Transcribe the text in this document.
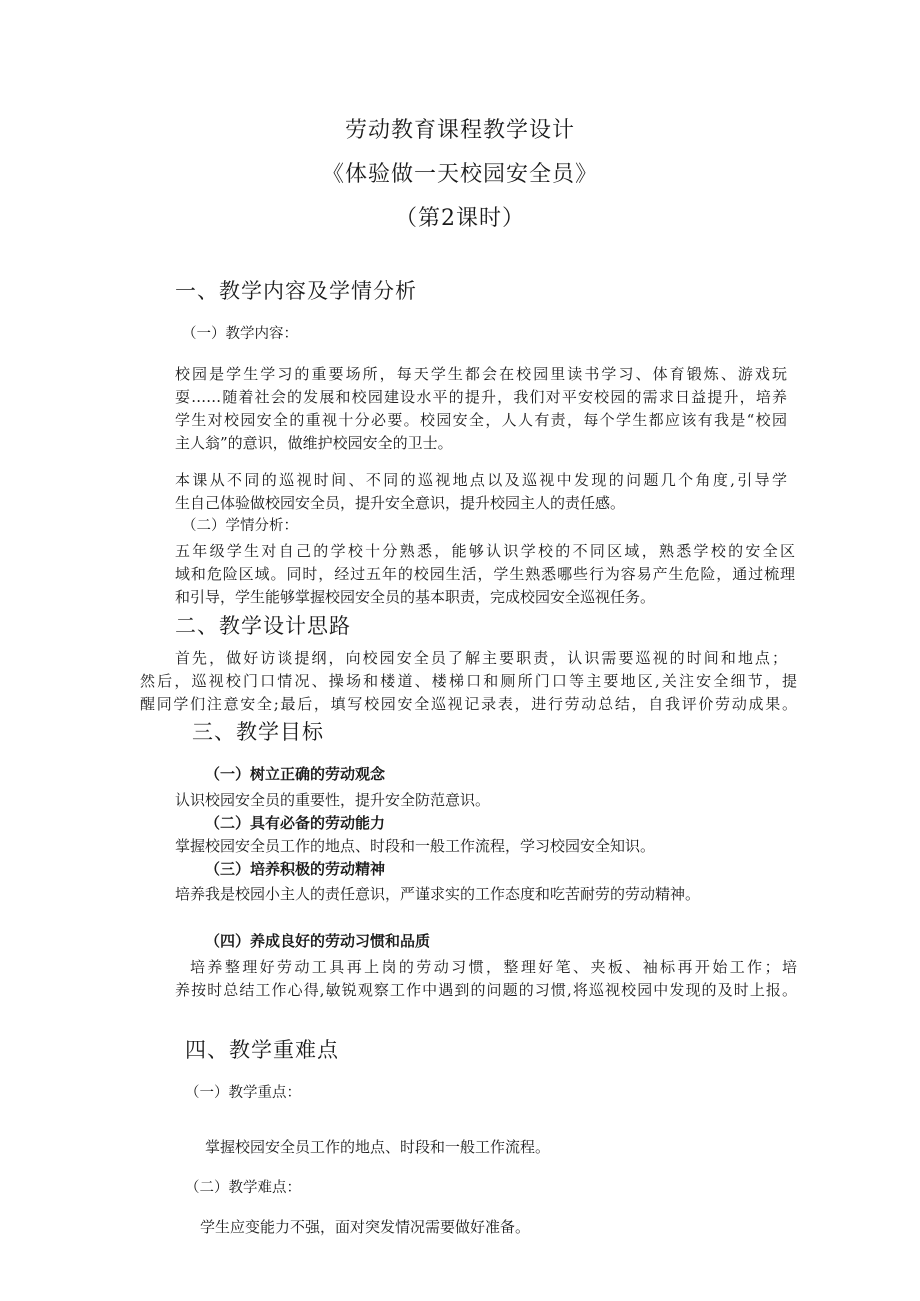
劳动教育课程教学设计
《体验做一天校园安全员》
（第2课时）
一、教学内容及学情分析
（一）教学内容：
校园是学生学习的重要场所，每天学生都会在校园里读书学习、体育锻炼、游戏玩
耍……随着社会的发展和校园建设水平的提升，我们对平安校园的需求日益提升，培养
学生对校园安全的重视十分必要。校园安全，人人有责，每个学生都应该有我是“校园
主人翁”的意识，做维护校园安全的卫士。
本课从不同的巡视时间、不同的巡视地点以及巡视中发现的问题几个角度,引导学
生自己体验做校园安全员，提升安全意识，提升校园主人的责任感。
（二）学情分析：
五年级学生对自己的学校十分熟悉，能够认识学校的不同区域，熟悉学校的安全区
域和危险区域。同时，经过五年的校园生活，学生熟悉哪些行为容易产生危险，通过梳理
和引导，学生能够掌握校园安全员的基本职责，完成校园安全巡视任务。
二、教学设计思路
首先，做好访谈提纲，向校园安全员了解主要职责，认识需要巡视的时间和地点；
然后，巡视校门口情况、操场和楼道、楼梯口和厕所门口等主要地区,关注安全细节，提
醒同学们注意安全;最后，填写校园安全巡视记录表，进行劳动总结，自我评价劳动成果。
三、教学目标
（一）树立正确的劳动观念
认识校园安全员的重要性，提升安全防范意识。
（二）具有必备的劳动能力
掌握校园安全员工作的地点、时段和一般工作流程，学习校园安全知识。
（三）培养积极的劳动精神
培养我是校园小主人的责任意识，严谨求实的工作态度和吃苦耐劳的劳动精神。
（四）养成良好的劳动习惯和品质
培养整理好劳动工具再上岗的劳动习惯，整理好笔、夹板、袖标再开始工作；培
养按时总结工作心得,敏锐观察工作中遇到的问题的习惯,将巡视校园中发现的及时上报。
四、教学重难点
（一）教学重点：
掌握校园安全员工作的地点、时段和一般工作流程。
（二）教学难点：
学生应变能力不强，面对突发情况需要做好准备。
